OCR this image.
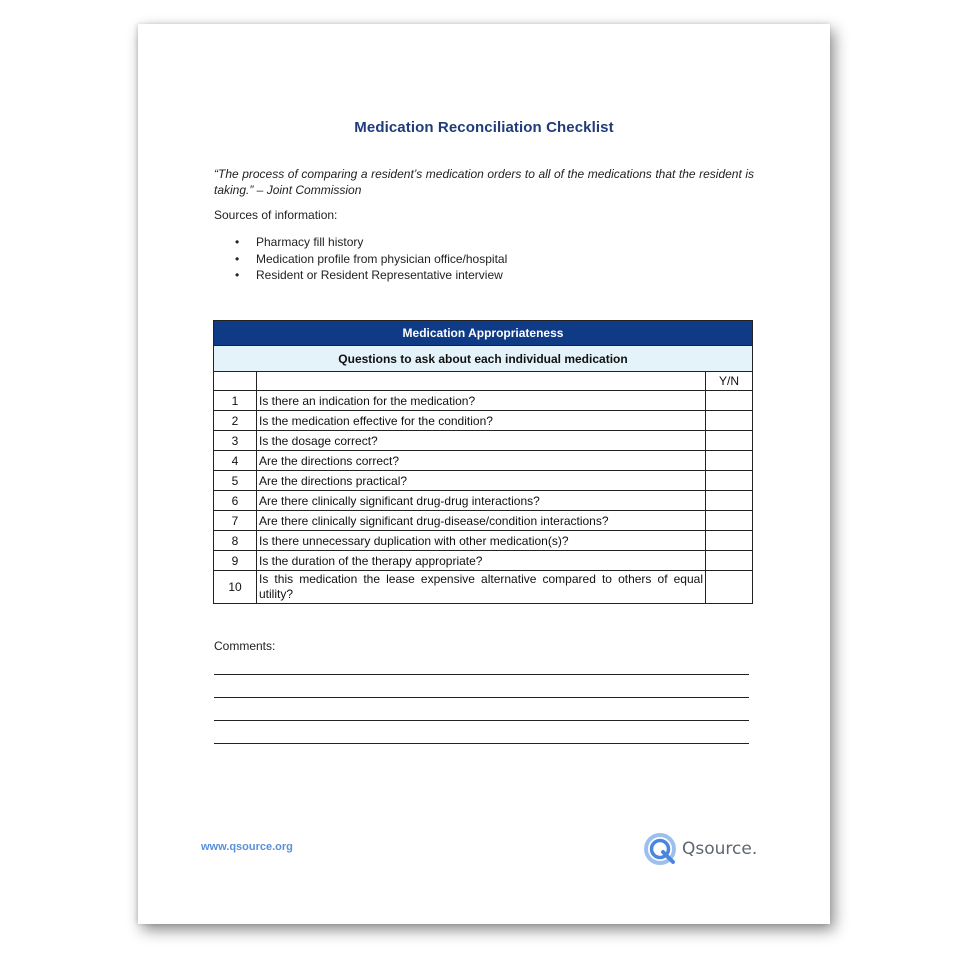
Medication Reconciliation Checklist
“The process of comparing a resident’s medication orders to all of the medications that the resident is taking.” – Joint Commission
Sources of information:
• Pharmacy fill history
• Medication profile from physician office/hospital
• Resident or Resident Representative interview
Medication Appropriateness		
Questions to ask about each individual medication		
		Y/N
1	Is there an indication for the medication?	
2	Is the medication effective for the condition?	
3	Is the dosage correct?	
4	Are the directions correct?	
5	Are the directions practical?	
6	Are there clinically significant drug-drug interactions?	
7	Are there clinically significant drug-disease/condition interactions?	
8	Is there unnecessary duplication with other medication(s)?	
9	Is the duration of the therapy appropriate?	
10	Is this medication the lease expensive alternative compared to others of equal utility?	
Comments:
www.qsource.org	Qsource.
